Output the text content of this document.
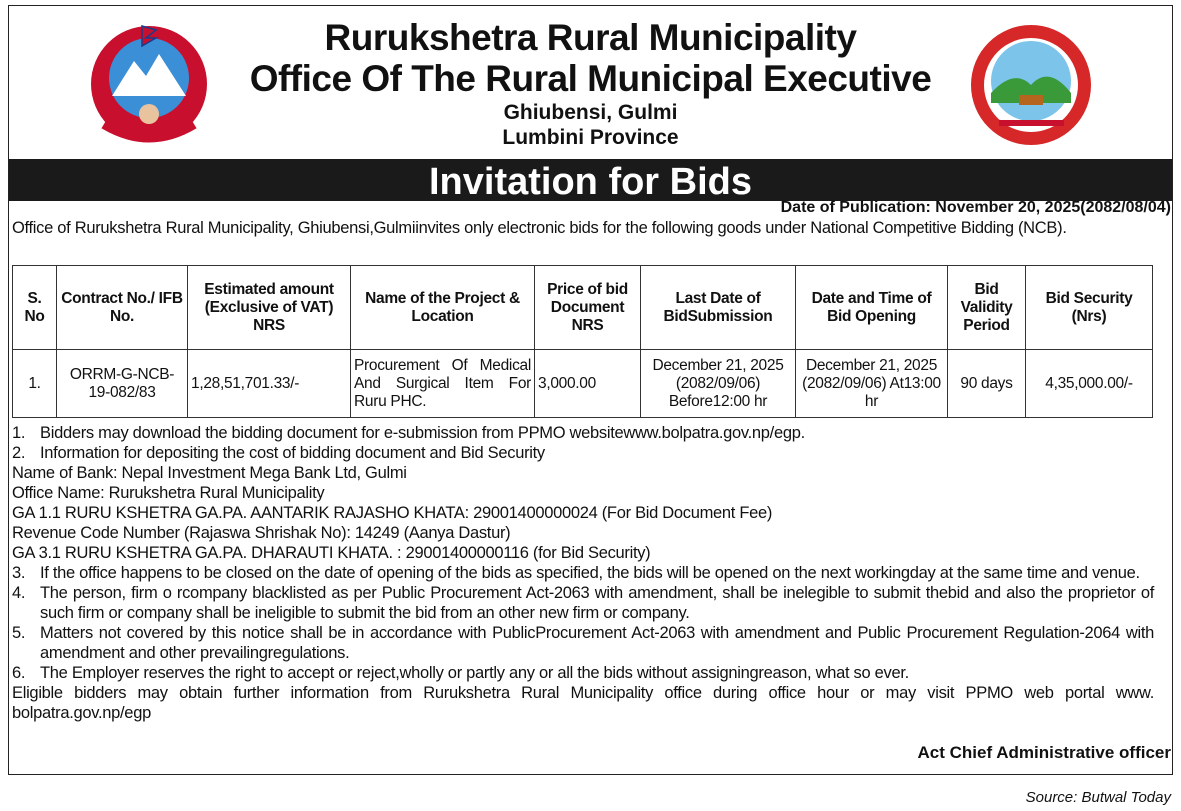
Rurukshetra Rural Municipality
Office Of The Rural Municipal Executive
Ghiubensi, Gulmi
Lumbini Province
Invitation for Bids
Date of Publication: November 20, 2025(2082/08/04)
Office of Rurukshetra Rural Municipality, Ghiubensi,Gulmiinvites only electronic bids for the following goods under National Competitive Bidding (NCB).
S. No	Contract No./ IFB No.	Estimated amount (Exclusive of VAT) NRS	Name of the Project & Location	Price of bid Document NRS	Last Date of BidSubmission	Date and Time of Bid Opening	Bid Validity Period	Bid Security (Nrs)
1.	ORRM-G-NCB-19-082/83	1,28,51,701.33/-	Procurement Of Medical And Surgical Item For Ruru PHC.	3,000.00	December 21, 2025 (2082/09/06) Before12:00 hr	December 21, 2025 (2082/09/06) At13:00 hr	90 days	4,35,000.00/-
1. Bidders may download the bidding document for e-submission from PPMO websitewww.bolpatra.gov.np/egp.
2. Information for depositing the cost of bidding document and Bid Security
Name of Bank: Nepal Investment Mega Bank Ltd, Gulmi
Office Name: Rurukshetra Rural Municipality
GA 1.1 RURU KSHETRA GA.PA. AANTARIK RAJASHO KHATA: 29001400000024 (For Bid Document Fee)
Revenue Code Number (Rajaswa Shrishak No): 14249 (Aanya Dastur)
GA 3.1 RURU KSHETRA GA.PA. DHARAUTI KHATA. : 29001400000116 (for Bid Security)
3. If the office happens to be closed on the date of opening of the bids as specified, the bids will be opened on the next workingday at the same time and venue.
4. The person, firm o rcompany blacklisted as per Public Procurement Act-2063 with amendment, shall be inelegible to submit thebid and also the proprietor of such firm or company shall be ineligible to submit the bid from an other new firm or company.
5. Matters not covered by this notice shall be in accordance with PublicProcurement Act-2063 with amendment and Public Procurement Regulation-2064 with amendment and other prevailingregulations.
6. The Employer reserves the right to accept or reject,wholly or partly any or all the bids without assigningreason, what so ever.
Eligible bidders may obtain further information from Rurukshetra Rural Municipality office during office hour or may visit PPMO web portal www. bolpatra.gov.np/egp
Act Chief Administrative officer
Source: Butwal Today
